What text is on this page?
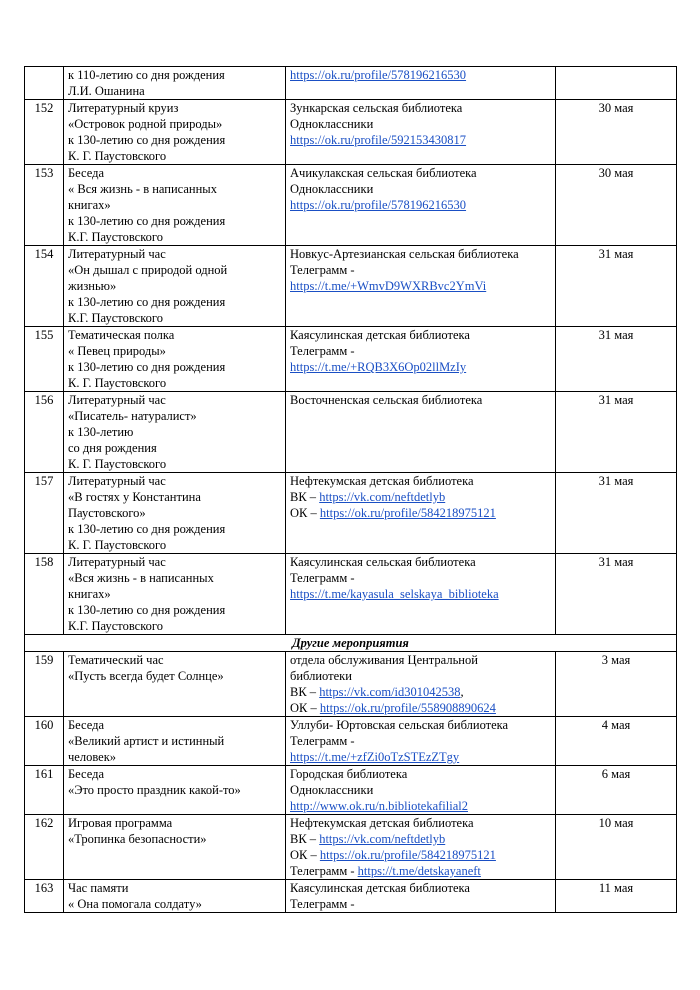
	к 110-летию со дня рождения
Л.И. Ошанина	https://ok.ru/profile/578196216530	

152	Литературный круиз
«Островок родной природы»
к 130-летию со дня рождения
К. Г. Паустовского	Зункарская сельская библиотека
Одноклассники
https://ok.ru/profile/592153430817	30 мая
153	Беседа
« Вся жизнь - в написанных
книгах»
к 130-летию со дня рождения
К.Г. Паустовского	Ачикулакская сельская библиотека
Одноклассники
https://ok.ru/profile/578196216530	30 мая
154	Литературный час
«Он дышал с природой одной
жизнью»
к 130-летию со дня рождения
К.Г. Паустовского	Новкус-Артезианская сельская библиотека
Телеграмм -
https://t.me/+WmvD9WXRBvc2YmVi	31 мая
155	Тематическая полка
« Певец природы»
к 130-летию со дня рождения
К. Г. Паустовского	Каясулинская детская библиотека
Телеграмм -
https://t.me/+RQB3X6Op02llMzIy	31 мая
156	Литературный час
«Писатель- натуралист»
к 130-летию
со дня рождения
К. Г. Паустовского	Восточненская сельская библиотека	31 мая
157	Литературный час
«В гостях у Константина
Паустовского»
к 130-летию со дня рождения
К. Г. Паустовского	Нефтекумская детская библиотека
ВК – https://vk.com/neftdetlyb
ОК – https://ok.ru/profile/584218975121	31 мая
158	Литературный час
«Вся жизнь - в написанных
книгах»
к 130-летию со дня рождения
К.Г. Паустовского	Каясулинская сельская библиотека
Телеграмм -
https://t.me/kayasula_selskaya_biblioteka	31 мая
Другие мероприятия			
159	Тематический час
«Пусть всегда будет Солнце»	отдела обслуживания Центральной
библиотеки
ВК – https://vk.com/id301042538,
ОК – https://ok.ru/profile/558908890624	3 мая
160	Беседа
«Великий артист и истинный
человек»	Уллуби- Юртовская сельская библиотека
Телеграмм -
https://t.me/+zfZi0oTzSTEzZTgy	4 мая
161	Беседа
«Это просто праздник какой-то»	Городская библиотека
Одноклассники
http://www.ok.ru/n.bibliotekafilial2	6 мая
162	Игровая программа
«Тропинка безопасности»	Нефтекумская детская библиотека
ВК – https://vk.com/neftdetlyb
ОК – https://ok.ru/profile/584218975121
Телеграмм - https://t.me/detskayaneft	10 мая
163	Час памяти
« Она помогала солдату»	Каясулинская детская библиотека
Телеграмм -	11 мая
